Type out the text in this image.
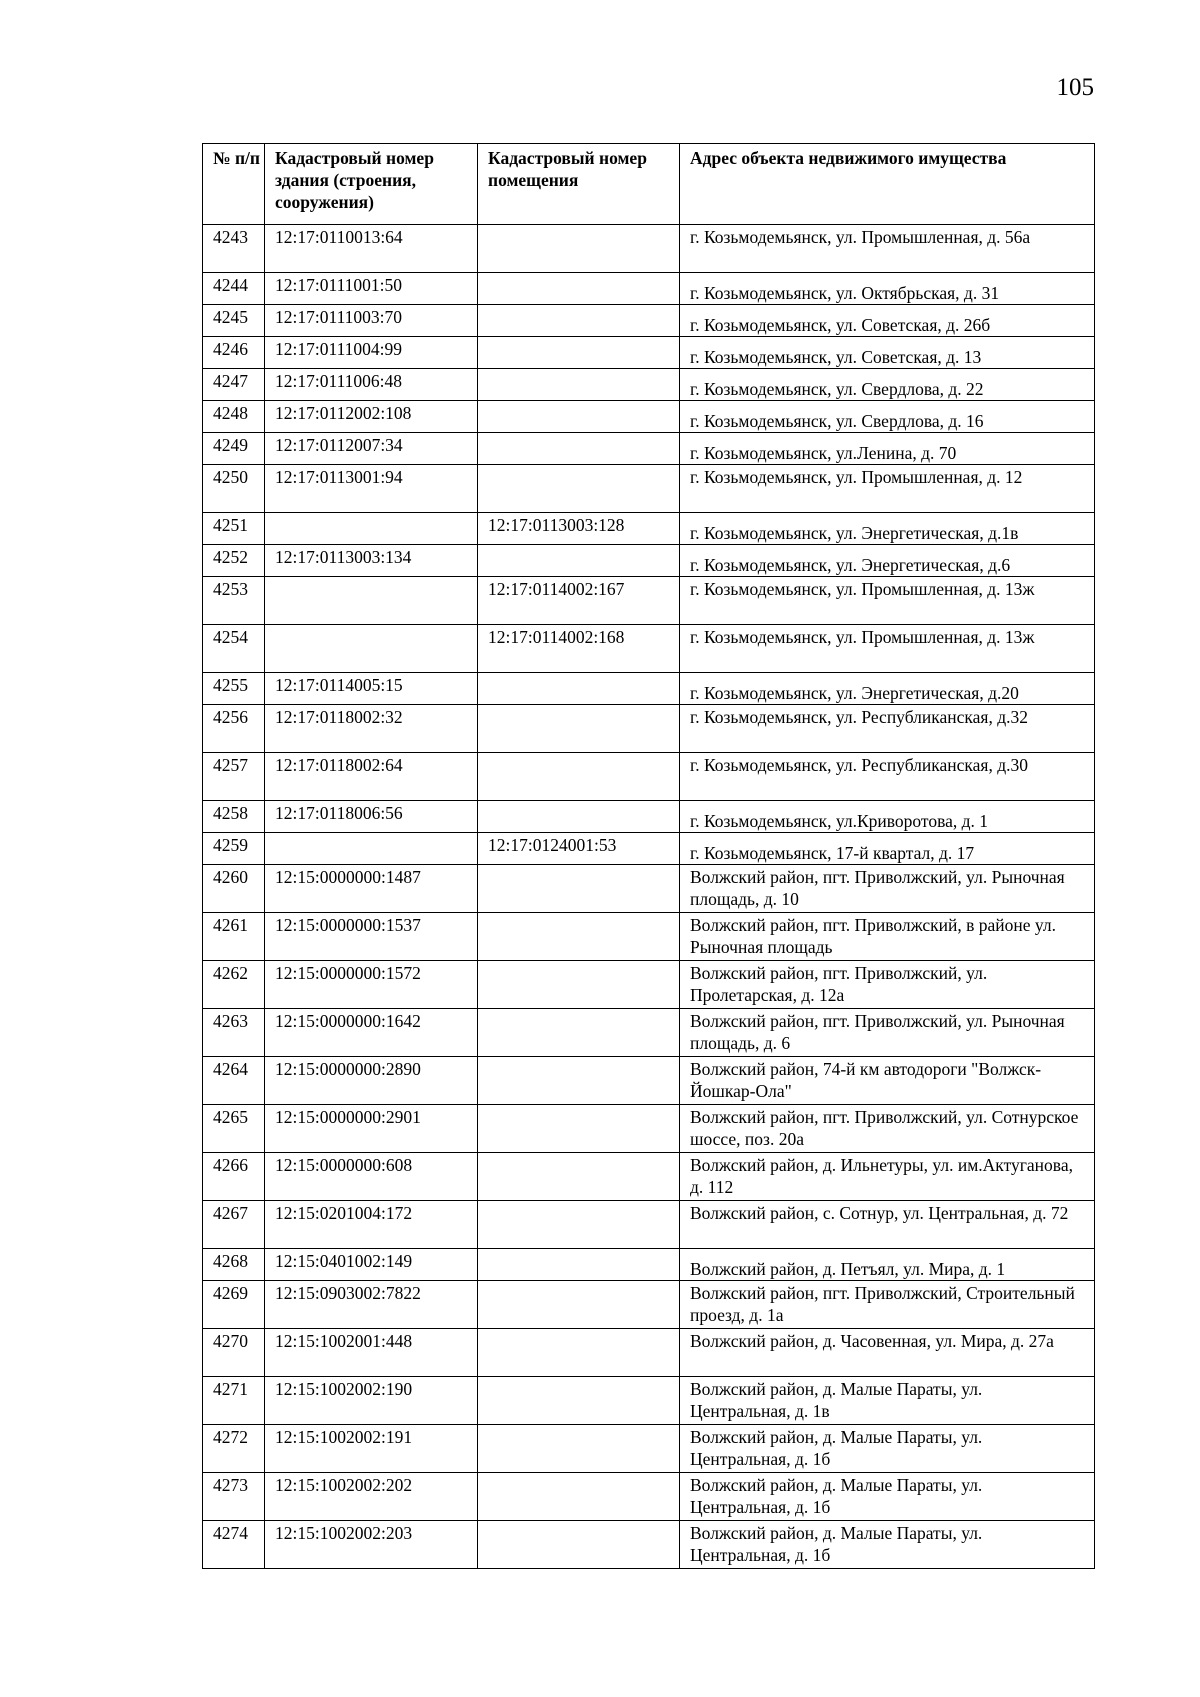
105
№ п/п	Кадастровый номер здания (строения, сооружения)	Кадастровый номер помещения	Адрес объекта недвижимого имущества
4243	12:17:0110013:64		г. Козьмодемьянск, ул. Промышленная, д. 56а
4244	12:17:0111001:50		г. Козьмодемьянск, ул. Октябрьская, д. 31
4245	12:17:0111003:70		г. Козьмодемьянск, ул. Советская, д. 26б
4246	12:17:0111004:99		г. Козьмодемьянск, ул. Советская, д. 13
4247	12:17:0111006:48		г. Козьмодемьянск, ул. Свердлова, д. 22
4248	12:17:0112002:108		г. Козьмодемьянск, ул. Свердлова, д. 16
4249	12:17:0112007:34		г. Козьмодемьянск, ул.Ленина, д. 70
4250	12:17:0113001:94		г. Козьмодемьянск, ул. Промышленная, д. 12
4251		12:17:0113003:128	г. Козьмодемьянск, ул. Энергетическая, д.1в
4252	12:17:0113003:134		г. Козьмодемьянск, ул. Энергетическая, д.6
4253		12:17:0114002:167	г. Козьмодемьянск, ул. Промышленная, д. 13ж
4254		12:17:0114002:168	г. Козьмодемьянск, ул. Промышленная, д. 13ж
4255	12:17:0114005:15		г. Козьмодемьянск, ул. Энергетическая, д.20
4256	12:17:0118002:32		г. Козьмодемьянск, ул. Республиканская, д.32
4257	12:17:0118002:64		г. Козьмодемьянск, ул. Республиканская, д.30
4258	12:17:0118006:56		г. Козьмодемьянск, ул.Криворотова, д. 1
4259		12:17:0124001:53	г. Козьмодемьянск, 17-й квартал, д. 17
4260	12:15:0000000:1487		Волжский район, пгт. Приволжский, ул. Рыночная площадь, д. 10
4261	12:15:0000000:1537		Волжский район, пгт. Приволжский, в районе ул. Рыночная площадь
4262	12:15:0000000:1572		Волжский район, пгт. Приволжский, ул. Пролетарская, д. 12а
4263	12:15:0000000:1642		Волжский район, пгт. Приволжский, ул. Рыночная площадь, д. 6
4264	12:15:0000000:2890		Волжский район, 74-й км автодороги "Волжск-Йошкар-Ола"
4265	12:15:0000000:2901		Волжский район, пгт. Приволжский, ул. Сотнурское шоссе, поз. 20а
4266	12:15:0000000:608		Волжский район, д. Ильнетуры, ул. им.Актуганова, д. 112
4267	12:15:0201004:172		Волжский район, с. Сотнур, ул. Центральная, д. 72
4268	12:15:0401002:149		Волжский район, д. Петъял, ул. Мира, д. 1
4269	12:15:0903002:7822		Волжский район, пгт. Приволжский, Строительный проезд, д. 1а
4270	12:15:1002001:448		Волжский район, д. Часовенная, ул. Мира, д. 27а
4271	12:15:1002002:190		Волжский район, д. Малые Параты, ул. Центральная, д. 1в
4272	12:15:1002002:191		Волжский район, д. Малые Параты, ул. Центральная, д. 1б
4273	12:15:1002002:202		Волжский район, д. Малые Параты, ул. Центральная, д. 1б
4274	12:15:1002002:203		Волжский район, д. Малые Параты, ул. Центральная, д. 1б
